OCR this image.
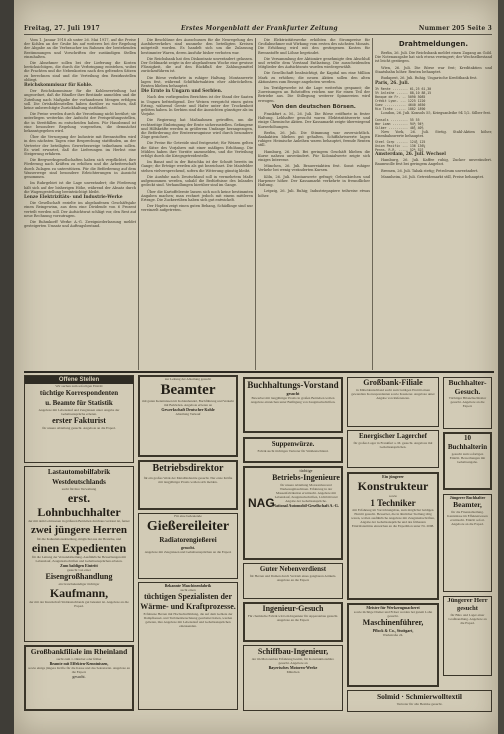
Freitag, 27. Juli 1917	Erstes Morgenblatt der Frankfurter Zeitung	Nummer 205 Seite 3

Vom 1. Januar 1918 ab unter 26. Mai 1917, auf die Preise der Kohlen an der Grube bis auf weiteres bei der Regelung der Abgabe an die Verbraucher im Rahmen der bestehenden Bestimmungen und Vorschriften der zuständigen Stellen einzuhalten.

Die Abnehmer sollen bei der Lieferung die Kosten berücksichtigen, die durch die Verbringung entstehen, wobei die Frachten und die Nebenkosten nach den geltenden Sätzen zu berechnen sind und die Verteilung den Bezirksstellen obliegt.

Reichskommissar für Kohle.

Der Reichskommissar für die Kohlenverteilung hat angeordnet, daß die Händler ihre Bestände anmelden und die Zuteilung nach Maßgabe der vorhandenen Mengen erfolgen soll. Die Ortskohlenstellen haben darüber zu wachen, daß keine unberechtigte Zurückhaltung stattfindet.

Die Preise werden durch die Verordnung nicht berührt; sie unterliegen weiterhin der Aufsicht der Preisprüfungsstellen, die in Streitfällen zu entscheiden haben. Für Hausbrand ist eine besondere Regelung vorgesehen, die demnächst bekanntgegeben wird.

Über die Versorgung der Industrie mit Brennstoffen wird in den nächsten Tagen eine Besprechung stattfinden, an der Vertreter der beteiligten Gewerbezweige teilnehmen sollen. Es wird erwartet, daß die Lieferungen im Herbst eine Steigerung erfahren.

Die Bergwerksgesellschaften haben sich verpflichtet, ihre Förderung nach Kräften zu erhöhen und die Arbeiterschaft durch Zulagen zu unterstützen. Für die Beförderung auf dem Wasserwege sind besondere Erleichterungen in Aussicht genommen.

Im Ruhrgebiet ist die Lage unverändert; die Förderung hält sich auf der bisherigen Höhe, während der Absatz durch die Wagengestellung beeinträchtigt bleibt.

Lenze Elektrizitäts- und Industrie-Werke

Die Gesellschaft erzielte im abgelaufenen Geschäftsjahr einen Reingewinn, aus dem eine Dividende von 6 Prozent verteilt werden soll. Der Aufsichtsrat schlägt vor, den Rest auf neue Rechnung vorzutragen.

Die Ruhmkorff Werke A.-G. Zweigniederlassung meldet gesteigerten Umsatz und Auftragsbestand.

Die Beschlüsse des Ausschusses für die Neuregelung des Ausfuhrverkehrs sind nunmehr den beteiligten Kreisen mitgeteilt worden. Es handelt sich um die Zulassung bestimmter Waren, deren Ausfuhr bisher verboten war.

Die Reichsbank hat den Diskontsatz unverändert gelassen. Der Geldmarkt zeigte in der abgelaufenen Woche eine gewisse Flüssigkeit, die auf den Rückfluß der Zahlungsmittel zurückzuführen ist.

Die Börse verkehrte in ruhiger Haltung. Montanwerte lagen fest, während Schiffahrtsaktien eher abbröckelten. Renten blieben behauptet.

Die Ernte in Ungarn und Serbien.

Nach den vorliegenden Berichten ist der Stand der Saaten in Ungarn befriedigend. Der Weizen verspricht einen guten Ertrag, während Gerste und Hafer unter der Trockenheit gelitten haben. In Serbien sind die Aussichten günstiger als im Vorjahr.

Die Regierung hat Maßnahmen getroffen, um die rechtzeitige Einbringung der Ernte sicherzustellen. Gefangene und Hilfskräfte werden in größerem Umfange herangezogen, die Beförderung der Ernteerzeugnisse wird durch besondere Züge gesichert.

Die Preise für Getreide sind festgesetzt; für Weizen gelten die Sätze des Vorjahres mit einer mäßigen Erhöhung. Die Mühlen haben ihre Vorräte anzumelden, und die Verteilung erfolgt durch die Kriegsgetreidestelle.

Im Banat und in der Batschka ist der Schnitt bereits im Gange; die Erträge werden als gut bezeichnet. Die Maisfelder stehen vielversprechend, sofern die Witterung günstig bleibt.

Die Ausfuhr nach Deutschland soll in vermehrtem Maße aufgenommen werden, sobald die Bedürfnisse des Inlandes gedeckt sind. Verhandlungen hierüber sind im Gange.

Über die Kartoffelernte lassen sich noch keine bestimmten Angaben machen; man rechnet jedoch mit einem mittleren Ertrage. Die Zuckerrüben haben sich gut entwickelt.

Der Hopfen zeigt einen guten Behang, Schädlinge sind nur vereinzelt aufgetreten.

Die Elektrizitätswerke erhöhten die Strompreise für Großabnehmer mit Wirkung vom ersten des nächsten Monats. Die Erhöhung wird mit den gestiegenen Kosten für Brennstoffe und Löhne begründet.

Die Versammlung der Aktionäre genehmigte den Abschluß und erteilte dem Vorstand Entlastung. Die ausscheidenden Mitglieder des Aufsichtsrats wurden wiedergewählt.

Die Gesellschaft beabsichtigt, ihr Kapital um eine Million Mark zu erhöhen; die neuen Aktien sollen den alten Aktionären zum Bezuge angeboten werden.

Im Textilgewerbe ist die Lage weiterhin gespannt; die Zuweisungen an Rohstoffen reichen nur für einen Teil der Betriebe aus. Die Stillegung weiterer Spinnereien wird erwogen.

Von den deutschen Börsen.

Frankfurt a. M., 26. Juli. Die Börse eröffnete in fester Haltung. Lebhafter gesucht waren Elektrizitätswerte und einige Chemische Aktien. Der Kassamarkt zeigte überwiegend Kurserhöhungen.

Berlin, 26. Juli. Die Stimmung war zuversichtlich. Bankaktien blieben gut gehalten, Schiffahrtswerte lagen ruhiger. Heimische Anleihen waren behauptet, fremde Renten still.

Hamburg, 26. Juli. Bei geringem Geschäft blieben die Kurse nahezu unverändert. Für Kolonialwerte zeigte sich einiges Interesse.

München, 26. Juli. Brauereiaktien fest. Sonst ruhiger Verkehr bei wenig veränderten Kursen.

Köln, 26. Juli. Montanwerte gefragt; Gelsenkirchen und Harpener höher. Der Kassamarkt verkehrte in freundlicher Haltung.

Leipzig, 26. Juli. Ruhig; Industriepapiere teilweise etwas höher.

Drahtmeldungen.

Berlin, 26. Juli. Die Reichsbank meldet einen Zugang an Gold. Die Notenausgabe hat sich etwas verringert; der Wechselbestand ist leicht gestiegen.

Wien, 26. Juli. Die Börse war fest; Kreditaktien und Staatsbahn höher. Renten behauptet.

Budapest, 26. Juli. Ruhig. Ungarische Kreditbank fest.

Paris, 26. Juli.
3% Rente ........ 61,25 61,30
5% Anleihe ...... 88,10 88,15
Banque de Fr. .. 5090 5085
Crédit Lyon. ... 1225 1220
Suez ........... 4640 4650
Rio Tinto ...... 1882 1890

London, 26. Juli. Konsols 55, Kriegsanleihe 94 1/2. Silber fest.

Consols ......... 55 55
War Loan ........ 94½ 94½
Silber .......... 40¾ 40⅞

New York, 26. Juli. Stetig. Stahl-Aktien höher, Eisenbahnwerte behauptet.

Steel Corp ...... 124¾ 125
Union Pacific ... 136 136¼
Penns. R.R. ..... 52½ 52¾
Amsterdam, 26. Juli. Wechsel

Hamburg, 26. Juli. Kaffee ruhig, Zucker unverändert. Baumwolle fest bei geringem Angebot.

Bremen, 26. Juli. Tabak stetig; Petroleum unverändert.

Mannheim, 26. Juli. Getreidemarkt still, Preise behauptet.

Offene Stellen
Wir suchen zum sofortigen Eintritt
tüchtige Korrespondenten
u. Beamte für Statistik
Angebote mit Lebenslauf und Zeugnissen unter Angabe der Gehaltsansprüche erbeten.
erster Fakturist
für unsere Abteilung gesucht. Angebote an die Exped.
zur Leitung der Abteilung gesucht
Beamter
mit guten Kenntnissen im Kohlenhandel, Buchführung und Verkehr mit Behörden. Angebote erbeten an
Gewerkschaft Deutscher Kohle
Abteilung Verkauf
Buchhaltungs-Vorstand
gesucht
Bewerber mit langjähriger Praxis in großen Betrieben wollen Angebote einreichen unter Beifügung von Zeugnisabschriften.
Großbank-Filiale
in Mitteldeutschland sucht zum baldigen Eintritt einen gewandten Korrespondenten sowie Kassierer. Angebote unter Angabe von Referenzen.
Buchhalter-Gesuch.
Tüchtiger Bilanzbuchhalter gesucht. Angebote an die Exped.
Energischer Lagerchef
für großes Lager in Frankfurt a. M. gesucht. Angebote mit Gehaltsansprüchen.
10 Buchhalterin
gesucht zum sofortigen Eintritt. Bewerbungen mit Gehaltsangabe.
Lastautomobilfabrik Westdeutschlands
sucht für ihre Verwaltung
erst. Lohnbuchhalter
der mit dem Lohnwesen in größeren Betrieben durchaus vertraut ist, ferner
zwei jüngere Herren
für die Kalkulationsabteilung, möglichst aus der Branche, und
einen Expedienten
für die Leitung der Versandabteilung. Ausführliche Bewerbungen mit Lebenslauf, Zeugnisabschriften und Gehaltsansprüchen erbeten.
Zum baldigen Eintritt
gesucht von einer
Eisengroßhandlung
ein branchekundiger tüchtiger
Kaufmann,
der mit der Kundschaft Süddeutschlands gut bekannt ist. Angebote an die Exped.
Betriebsdirektor
für ein großes Werk der Metallindustrie gesucht. Nur erste Kräfte mit langjähriger Praxis wollen sich melden.
Für eine bedeutende
Gießereileiter
Radiatorengießerei
gesucht.
Angebote mit Zeugnissen und Gehaltsansprüchen an die Exped.
Suppenwürze.
Fabrik sucht tüchtigen Vertreter für Süddeutschland.
NAG
tüchtige
Betriebs-Ingenieure
für unsere Abteilung Motorenbau und Werkzeugmaschinen. Erfahrung in der Massenfabrikation erwünscht. Angebote mit Lebenslauf, Zeugnisabschriften, Lichtbild und Angabe der Gehaltsansprüche.
National Automobil-Gesellschaft A.-G.
Ein jüngerer
Konstrukteur
sowie
1 Techniker
mit Erfahrung im Vorrichtungsbau, zum möglichst baldigen Eintritt gesucht. Bewerber, die in ähnlicher Stellung tätig waren, wollen ausführliche Angebote mit Zeugnisabschriften, Angabe der Gehaltsansprüche und des frühesten Eintrittstermins einreichen an die Expedition unter Nr. 2098.
Jüngerer Buchhalter
Beamter,
für die Finanzabteilung. Kenntnisse im Effektenwesen erwünscht. Eintritt sofort. Angebote an die Exped.
Guter Nebenverdienst
für Herren und Damen durch Vertrieb eines gangbaren Artikels. Angebote an die Exped.
Bekannte Maschinenfabrik
sucht einen
tüchtigen Spezialisten der Wärme- und Kraftprozesse.
Erfahrene Herren mit Hochschulbildung, die auf dem Gebiete der Dampfkessel- und Turbinenberechnung gearbeitet haben, werden gebeten, ihre Angebote mit Lebenslauf und Gehaltsansprüchen einzusenden.
Ingenieur-Gesuch
Für chemische Fabrik wird ein Ingenieur für Apparatebau gesucht. Angebote an die Exped.
Schiffbau-Ingenieur,
der im Motorenbau Erfahrung besitzt, für Konstruktionsbüro gesucht. Angebote an
Bayerisches Motoren-Werke
München
Meister für Werkzeugmacherei
sowie tüchtige Dreher und Fräser werden bei gutem Lohn gesucht.
Maschinenführer,
Pflock & Co., Stuttgart,
Werkstraße 24.
Jüngerer Herr gesucht
für Büro und Lager einer Großhandlung. Angebote an die Exped.
Solmid · Schmierwolltextil
Vertreter für alle Bezirke gesucht.
Großbankfiliale im Rheinland
sucht zum 1. Oktober oder früher
Beamte mit Effekten-Kenntnissen,
sowie einige jüngere Kräfte für die Kasse und das Sekretariat. Angebote an die Exped.
gesucht.
